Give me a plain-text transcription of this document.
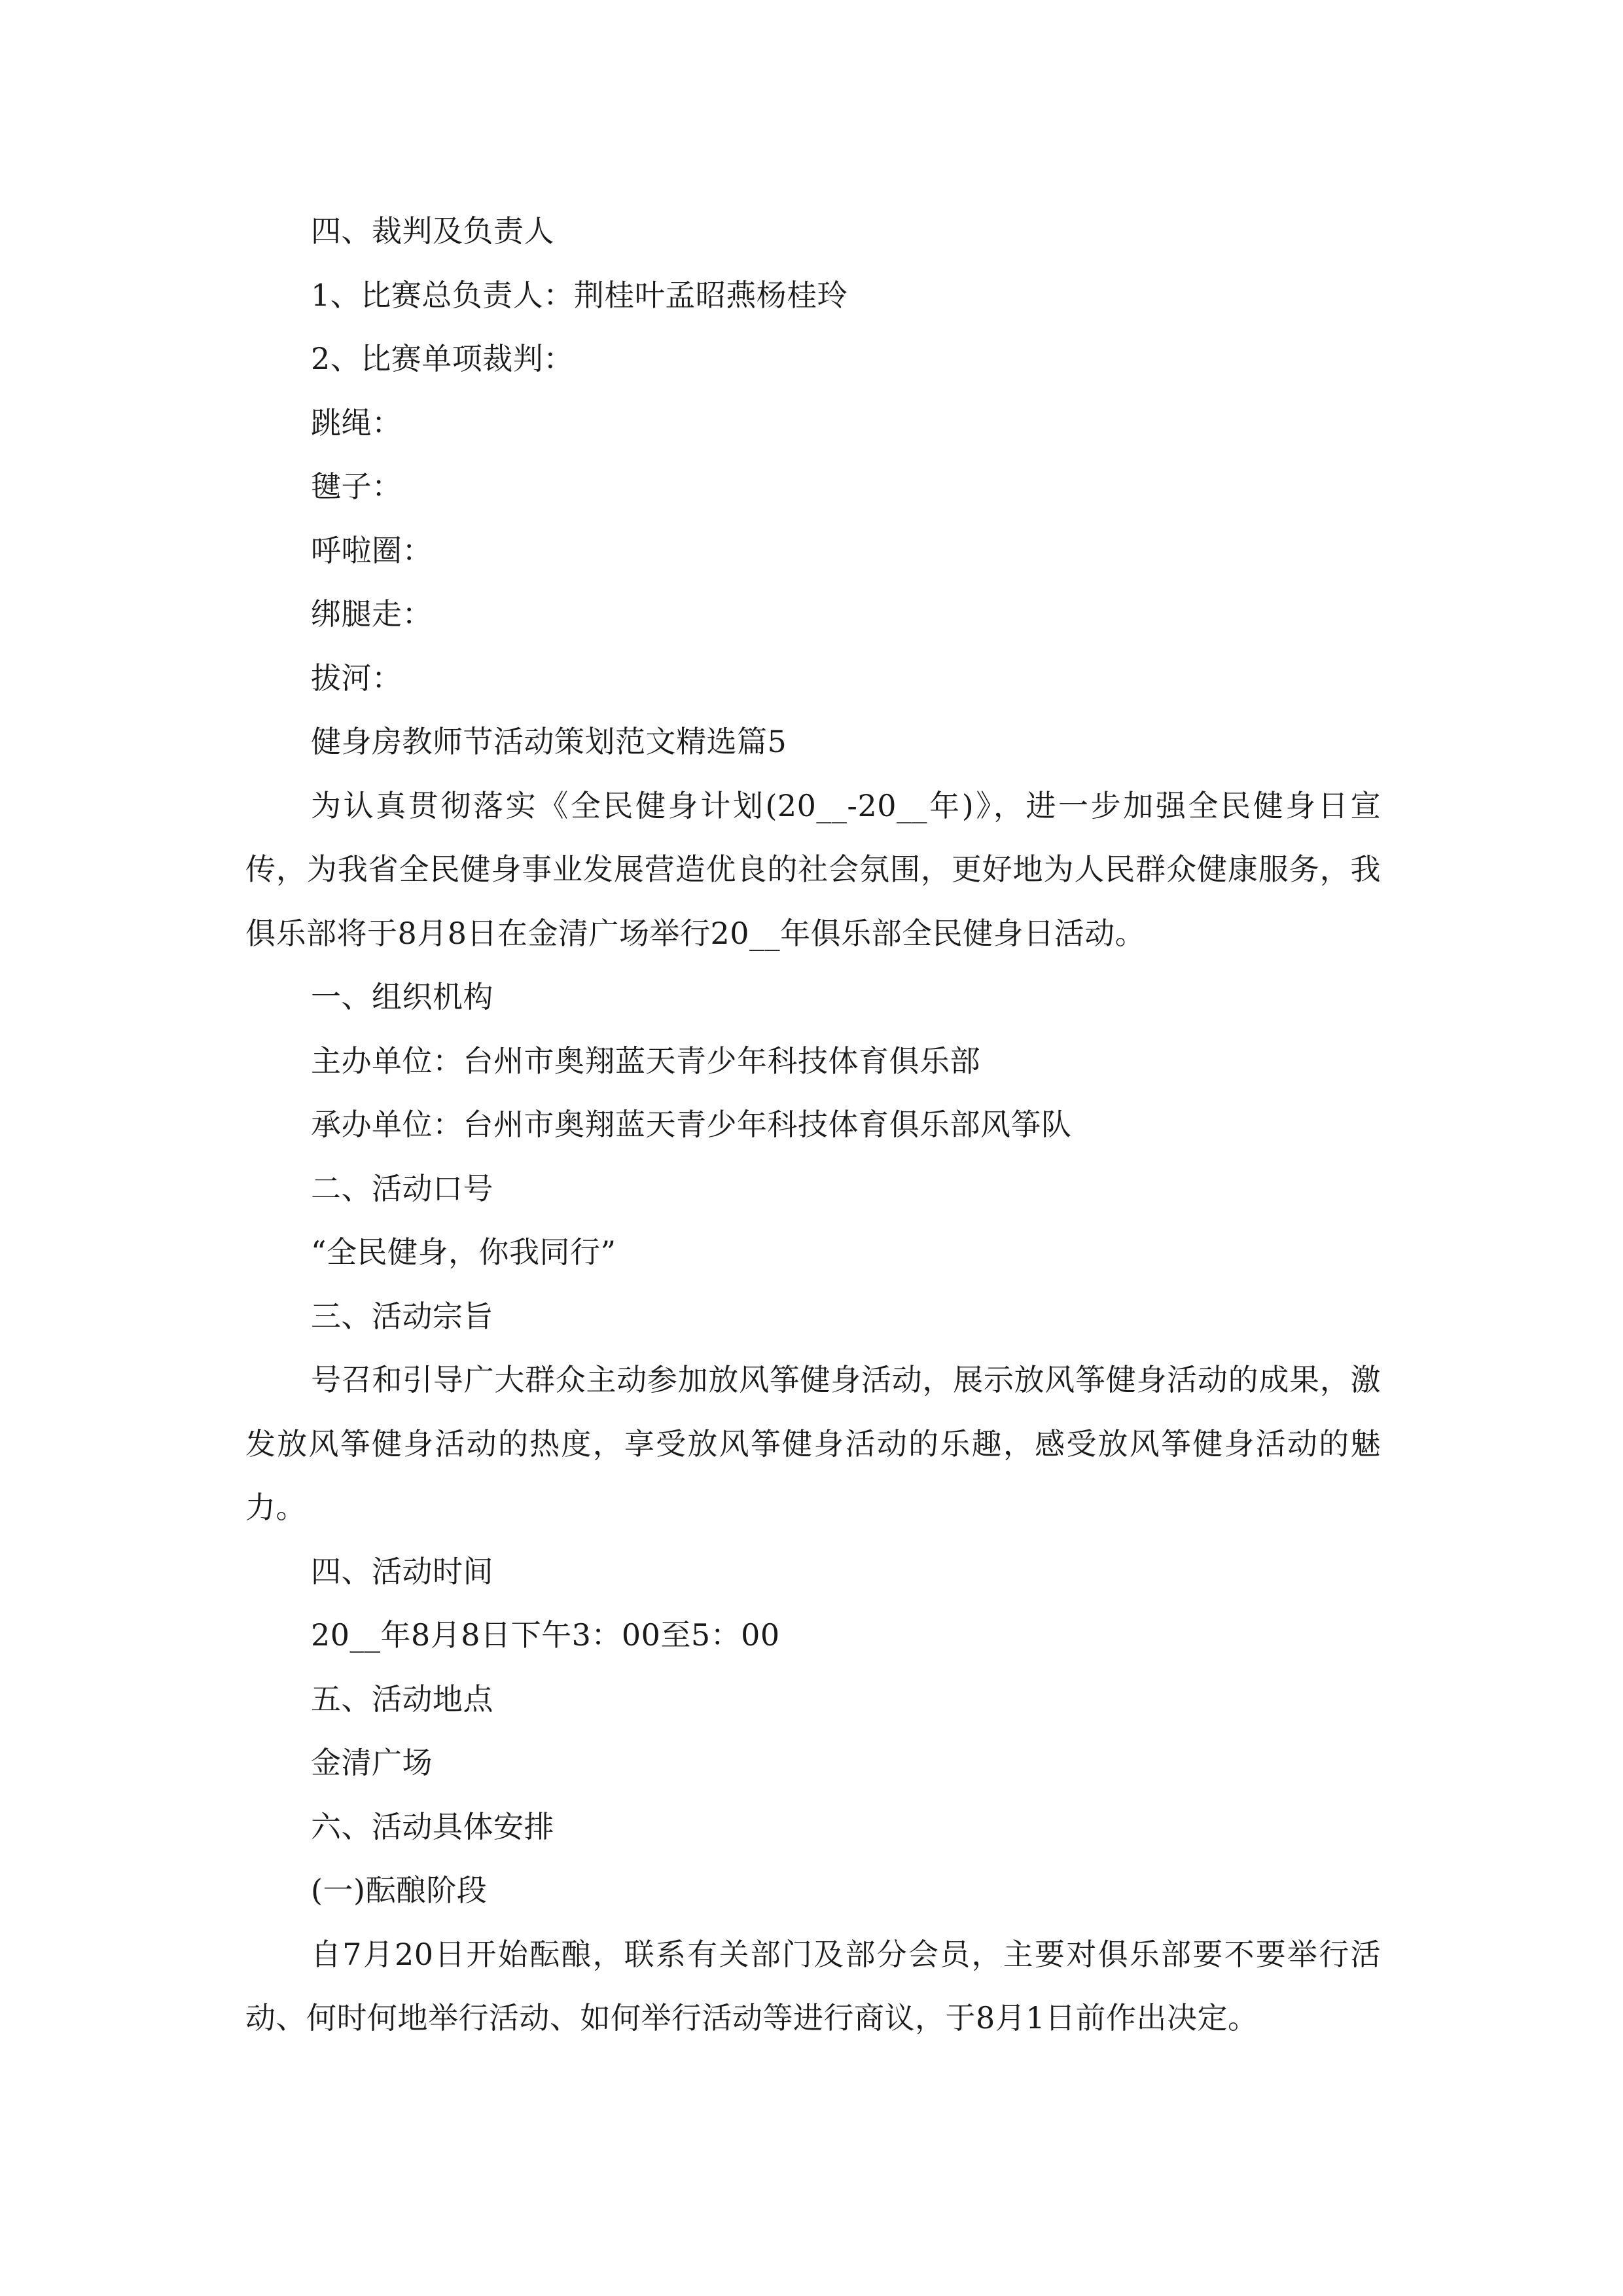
四、裁判及负责人

1、比赛总负责人：荆桂叶孟昭燕杨桂玲

2、比赛单项裁判：

跳绳：

毽子：

呼啦圈：

绑腿走：

拔河：

健身房教师节活动策划范文精选篇5

为认真贯彻落实《全民健身计划(20__-20__年)》，进一步加强全民健身日宣传，为我省全民健身事业发展营造优良的社会氛围，更好地为人民群众健康服务，我俱乐部将于8月8日在金清广场举行20__年俱乐部全民健身日活动。

一、组织机构

主办单位：台州市奥翔蓝天青少年科技体育俱乐部

承办单位：台州市奥翔蓝天青少年科技体育俱乐部风筝队

二、活动口号

“全民健身，你我同行”

三、活动宗旨

号召和引导广大群众主动参加放风筝健身活动，展示放风筝健身活动的成果，激发放风筝健身活动的热度，享受放风筝健身活动的乐趣，感受放风筝健身活动的魅力。

四、活动时间

20__年8月8日下午3：00至5：00

五、活动地点

金清广场

六、活动具体安排

(一)酝酿阶段

自7月20日开始酝酿，联系有关部门及部分会员，主要对俱乐部要不要举行活动、何时何地举行活动、如何举行活动等进行商议，于8月1日前作出决定。
